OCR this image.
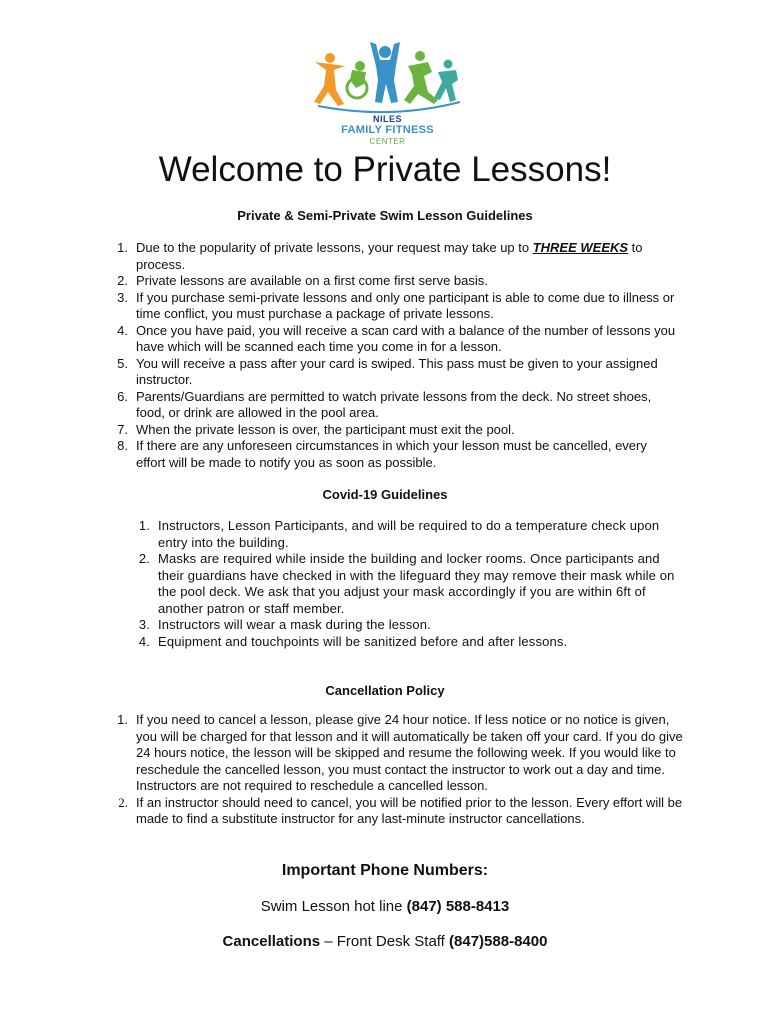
NILES
FAMILY FITNESS
CENTER
Welcome to Private Lessons!
Private & Semi-Private Swim Lesson Guidelines
1. Due to the popularity of private lessons, your request may take up to THREE WEEKS to process.
2. Private lessons are available on a first come first serve basis.
3. If you purchase semi-private lessons and only one participant is able to come due to illness or time conflict, you must purchase a package of private lessons.
4. Once you have paid, you will receive a scan card with a balance of the number of lessons you have which will be scanned each time you come in for a lesson.
5. You will receive a pass after your card is swiped. This pass must be given to your assigned instructor.
6. Parents/Guardians are permitted to watch private lessons from the deck. No street shoes, food, or drink are allowed in the pool area.
7. When the private lesson is over, the participant must exit the pool.
8. If there are any unforeseen circumstances in which your lesson must be cancelled, every effort will be made to notify you as soon as possible.
Covid-19 Guidelines
1. Instructors, Lesson Participants, and will be required to do a temperature check upon entry into the building.
2. Masks are required while inside the building and locker rooms. Once participants and their guardians have checked in with the lifeguard they may remove their mask while on the pool deck. We ask that you adjust your mask accordingly if you are within 6ft of another patron or staff member.
3. Instructors will wear a mask during the lesson.
4. Equipment and touchpoints will be sanitized before and after lessons.
Cancellation Policy
1. If you need to cancel a lesson, please give 24 hour notice. If less notice or no notice is given, you will be charged for that lesson and it will automatically be taken off your card. If you do give 24 hours notice, the lesson will be skipped and resume the following week. If you would like to reschedule the cancelled lesson, you must contact the instructor to work out a day and time. Instructors are not required to reschedule a cancelled lesson.
2. If an instructor should need to cancel, you will be notified prior to the lesson. Every effort will be made to find a substitute instructor for any last-minute instructor cancellations.
Important Phone Numbers:
Swim Lesson hot line (847) 588-8413
Cancellations – Front Desk Staff (847)588-8400
